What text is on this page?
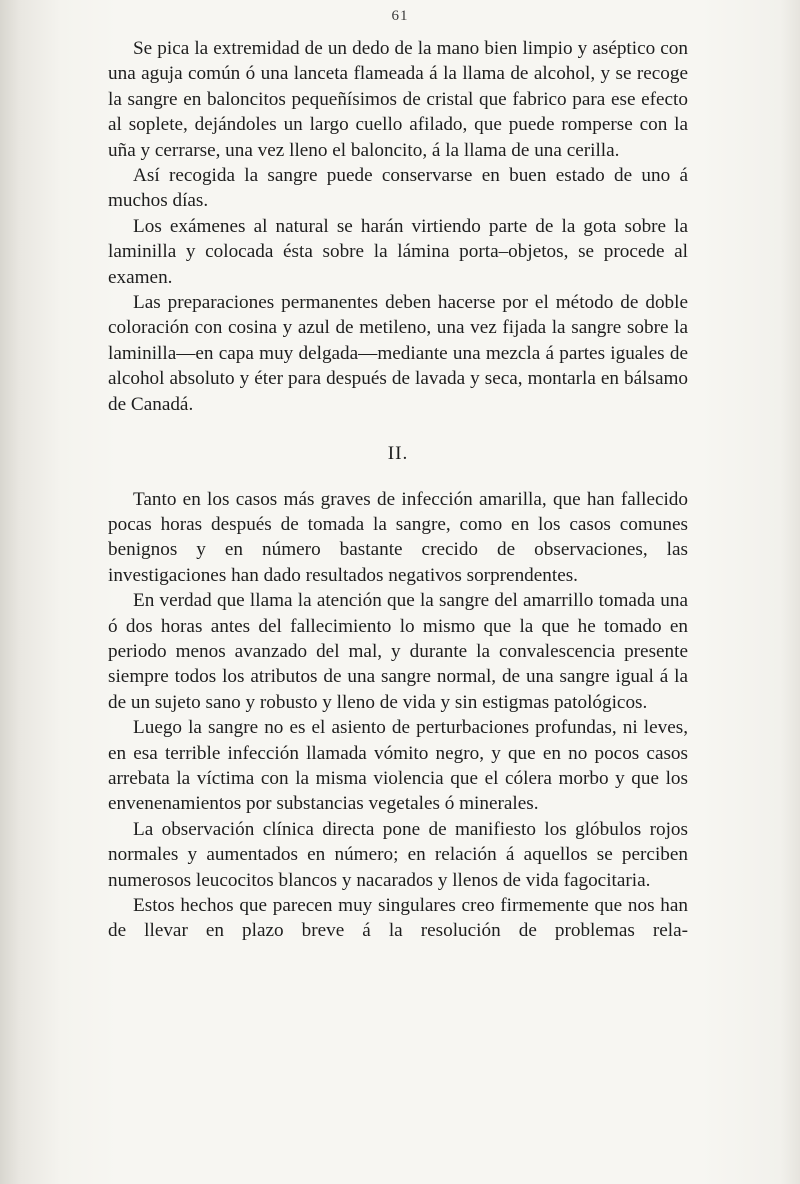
61

Se pica la extremidad de un dedo de la mano bien limpio y aséptico con una aguja común ó una lanceta flameada á la llama de alcohol, y se recoge la sangre en baloncitos pequeñísimos de cristal que fabrico para ese efecto al soplete, dejándoles un largo cuello afilado, que puede romperse con la uña y cerrarse, una vez lleno el baloncito, á la llama de una cerilla.

Así recogida la sangre puede conservarse en buen estado de uno á muchos días.

Los exámenes al natural se harán virtiendo parte de la gota sobre la laminilla y colocada ésta sobre la lámina porta–objetos, se procede al examen.

Las preparaciones permanentes deben hacerse por el método de doble coloración con cosina y azul de metileno, una vez fijada la sangre sobre la laminilla—en capa muy delgada—mediante una mezcla á partes iguales de alcohol absoluto y éter para después de lavada y seca, montarla en bálsamo de Canadá.

II.

Tanto en los casos más graves de infección amarilla, que han fallecido pocas horas después de tomada la sangre, como en los casos comunes benignos y en número bastante crecido de observaciones, las investigaciones han dado resultados negativos sorprendentes.

En verdad que llama la atención que la sangre del amarrillo tomada una ó dos horas antes del fallecimiento lo mismo que la que he tomado en periodo menos avanzado del mal, y durante la convalescencia presente siempre todos los atributos de una sangre normal, de una sangre igual á la de un sujeto sano y robusto y lleno de vida y sin estigmas patológicos.

Luego la sangre no es el asiento de perturbaciones profundas, ni leves, en esa terrible infección llamada vómito negro, y que en no pocos casos arrebata la víctima con la misma violencia que el cólera morbo y que los envenenamientos por substancias vegetales ó minerales.

La observación clínica directa pone de manifiesto los glóbulos rojos normales y aumentados en número; en relación á aquellos se perciben numerosos leucocitos blancos y nacarados y llenos de vida fagocitaria.

Estos hechos que parecen muy singulares creo firmemente que nos han de llevar en plazo breve á la resolución de problemas rela-
